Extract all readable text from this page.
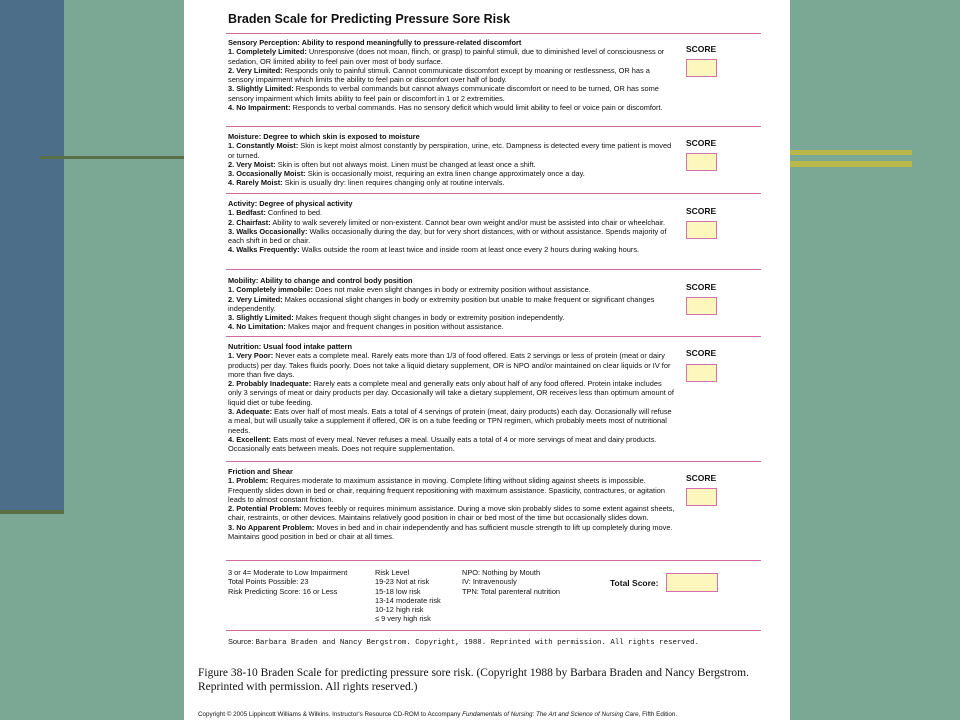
Braden Scale for Predicting Pressure Sore Risk
Sensory Perception: Ability to respond meaningfully to pressure-related discomfort

1. Completely Limited: Unresponsive (does not moan, flinch, or grasp) to painful stimuli, due to diminished level of consciousness or sedation, OR limited ability to feel pain over most of body surface.

2. Very Limited: Responds only to painful stimuli. Cannot communicate discomfort except by moaning or restlessness, OR has a sensory impairment which limits the ability to feel pain or discomfort over half of body.

3. Slightly Limited: Responds to verbal commands but cannot always communicate discomfort or need to be turned, OR has some sensory impairment which limits ability to feel pain or discomfort in 1 or 2 extremities.

4. No Impairment: Responds to verbal commands. Has no sensory deficit which would limit ability to feel or voice pain or discomfort.

SCORE
Moisture: Degree to which skin is exposed to moisture

1. Constantly Moist: Skin is kept moist almost constantly by perspiration, urine, etc. Dampness is detected every time patient is moved or turned.

2. Very Moist: Skin is often but not always moist. Linen must be changed at least once a shift.

3. Occasionally Moist: Skin is occasionally moist, requiring an extra linen change approximately once a day.

4. Rarely Moist: Skin is usually dry: linen requires changing only at routine intervals.

SCORE
Activity: Degree of physical activity

1. Bedfast: Confined to bed.

2. Chairfast: Ability to walk severely limited or non-existent. Cannot bear own weight and/or must be assisted into chair or wheelchair.

3. Walks Occasionally: Walks occasionally during the day, but for very short distances, with or without assistance. Spends majority of each shift in bed or chair.

4. Walks Frequently: Walks outside the room at least twice and inside room at least once every 2 hours during waking hours.

SCORE
Mobility: Ability to change and control body position

1. Completely immobile: Does not make even slight changes in body or extremity position without assistance.

2. Very Limited: Makes occasional slight changes in body or extremity position but unable to make frequent or significant changes independently.

3. Slightly Limited: Makes frequent though slight changes in body or extremity position independently.

4. No Limitation: Makes major and frequent changes in position without assistance.

SCORE
Nutrition: Usual food intake pattern

1. Very Poor: Never eats a complete meal. Rarely eats more than 1/3 of food offered. Eats 2 servings or less of protein (meat or dairy products) per day. Takes fluids poorly. Does not take a liquid dietary supplement, OR is NPO and/or maintained on clear liquids or IV for more than five days.

2. Probably Inadequate: Rarely eats a complete meal and generally eats only about half of any food offered. Protein intake includes only 3 servings of meat or dairy products per day. Occasionally will take a dietary supplement, OR receives less than optimum amount of liquid diet or tube feeding.

3. Adequate: Eats over half of most meals. Eats a total of 4 servings of protein (meat, dairy products) each day. Occasionally will refuse a meal, but will usually take a supplement if offered, OR is on a tube feeding or TPN regimen, which probably meets most of nutritional needs.

4. Excellent: Eats most of every meal. Never refuses a meal. Usually eats a total of 4 or more servings of meat and dairy products. Occasionally eats between meals. Does not require supplementation.

SCORE
Friction and Shear

1. Problem: Requires moderate to maximum assistance in moving. Complete lifting without sliding against sheets is impossible. Frequently slides down in bed or chair, requiring frequent repositioning with maximum assistance. Spasticity, contractures, or agitation leads to almost constant friction.

2. Potential Problem: Moves feebly or requires minimum assistance. During a move skin probably slides to some extent against sheets, chair, restraints, or other devices. Maintains relatively good position in chair or bed most of the time but occasionally slides down.

3. No Apparent Problem: Moves in bed and in chair independently and has sufficient muscle strength to lift up completely during move. Maintains good position in bed or chair at all times.

SCORE
3 or 4= Moderate to Low Impairment
Total Points Possible: 23
Risk Predicting Score: 16 or Less
Risk Level
19-23 Not at risk
15-18 low risk
13-14 moderate risk
10-12 high risk
≤ 9 very high risk
NPO: Nothing by Mouth
IV: Intravenously
TPN: Total parenteral nutrition
Total Score:
Source: Barbara Braden and Nancy Bergstrom. Copyright, 1988. Reprinted with permission. All rights reserved.
Figure 38-10 Braden Scale for predicting pressure sore risk. (Copyright 1988 by Barbara Braden and Nancy Bergstrom. Reprinted with permission. All rights reserved.)
Copyright © 2005 Lippincott Williams & Wilkins. Instructor's Resource CD-ROM to Accompany Fundamentals of Nursing: The Art and Science of Nursing Care, Fifth Edition.
